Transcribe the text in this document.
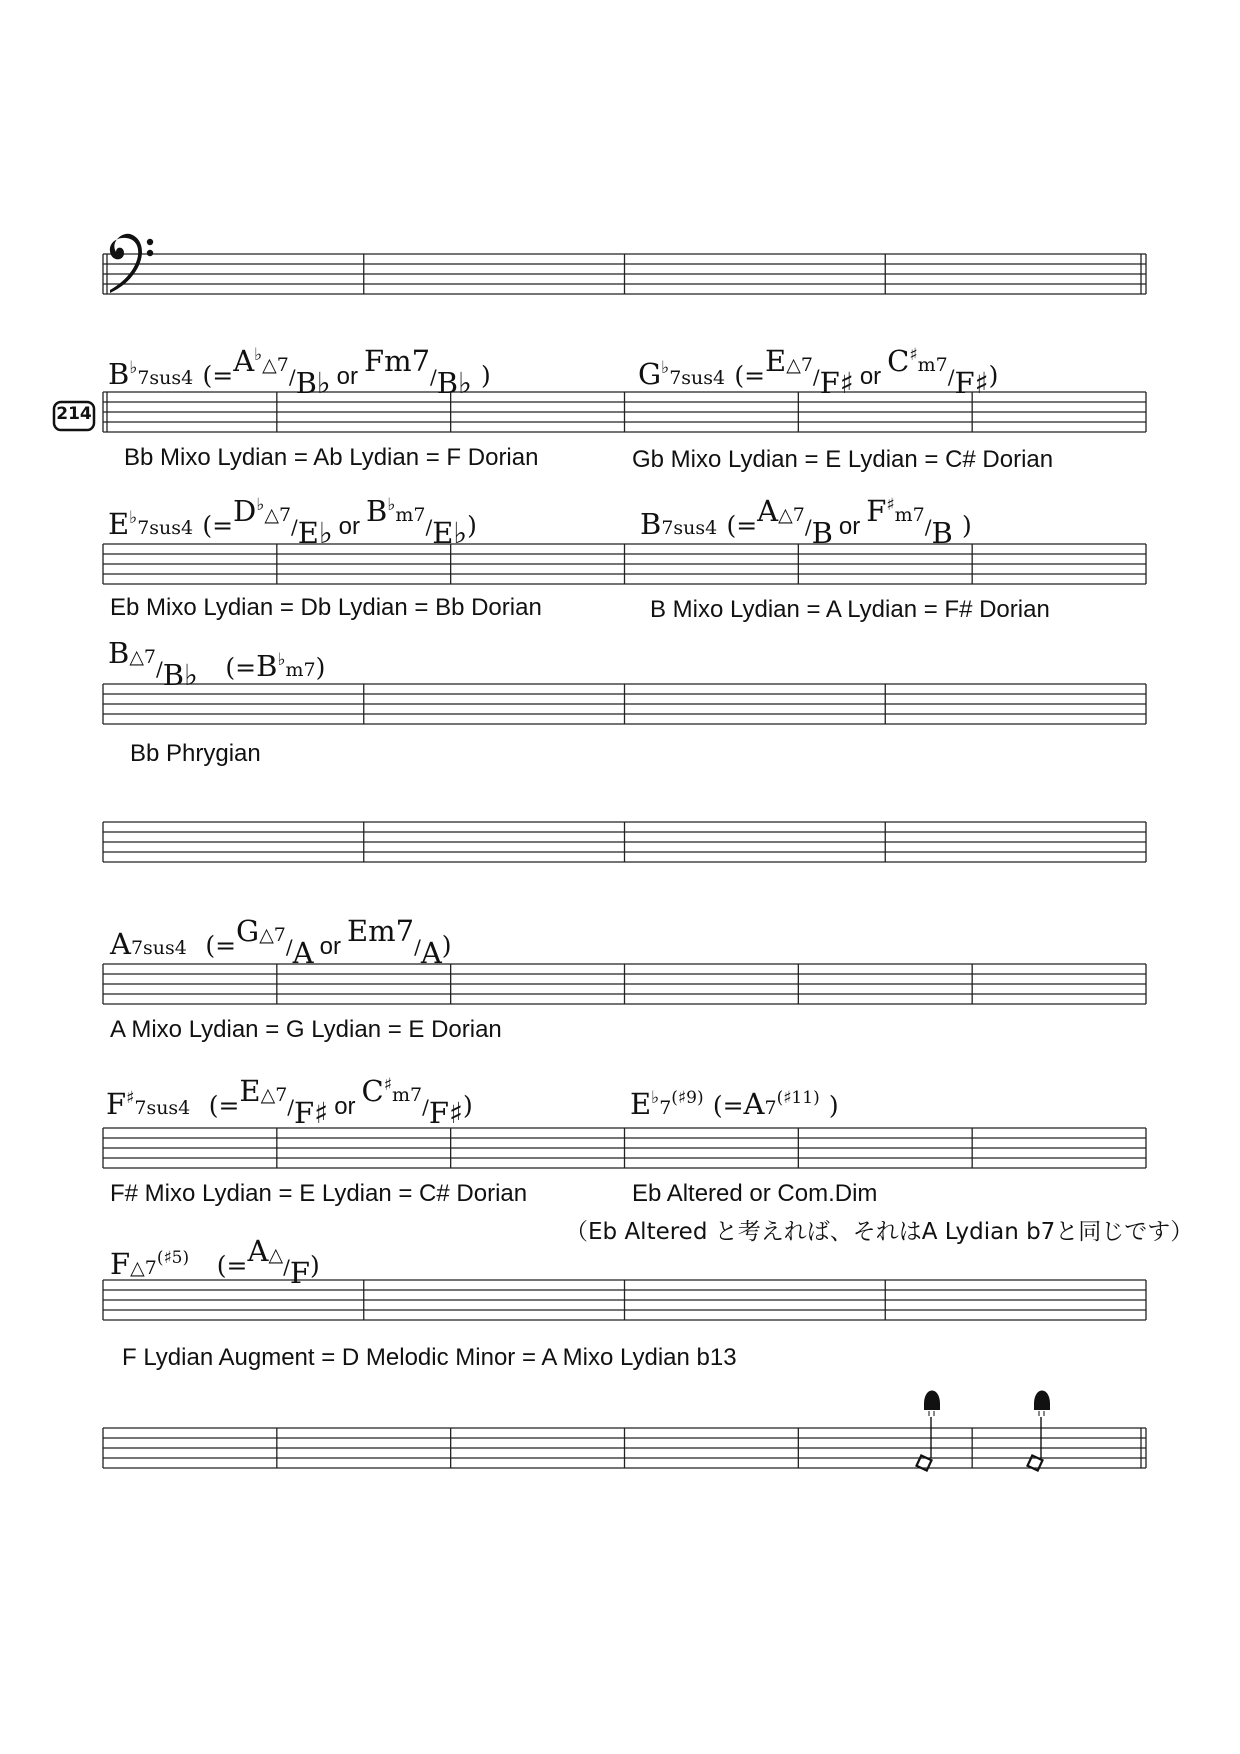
214
B♭7sus4 (=A♭△7/B♭ or Fm7/B♭ )	G♭7sus4 (=E△7/F♯ or C♯m7/F♯)
Bb Mixo Lydian = Ab Lydian = F Dorian	Gb Mixo Lydian = E Lydian = C# Dorian
E♭7sus4 (=D♭△7/E♭ or B♭m7/E♭)	B7sus4 (=A△7/B or F♯m7/B )
Eb Mixo Lydian = Db Lydian = Bb Dorian	B Mixo Lydian = A Lydian = F# Dorian
B△7/B♭ (=B♭m7)
Bb Phrygian
A7sus4 (=G△7/A or Em7/A)
A Mixo Lydian = G Lydian = E Dorian
F♯7sus4 (=E△7/F♯ or C♯m7/F♯)	$E^♭7^{(♯9)}$ ($=A7^{(♯11)}$ )
F# Mixo Lydian = E Lydian = C# Dorian	Eb Altered or Com.Dim
（Eb Altered と考えれば、それはA Lydian b7と同じです）
$F\triangle 7^{(♯5)}$ (=A△/F)
F Lydian Augment = D Melodic Minor = A Mixo Lydian b13
